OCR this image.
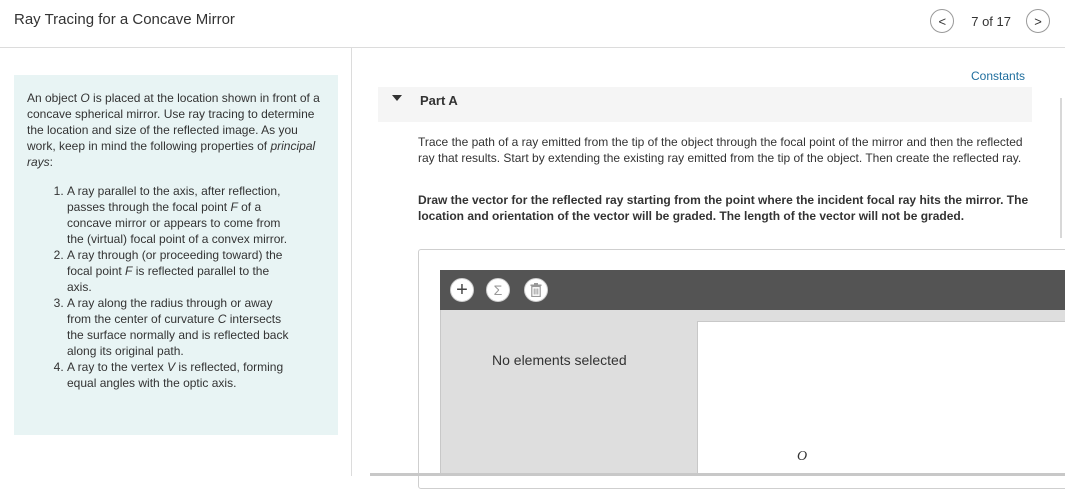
Ray Tracing for a Concave Mirror	< 7 of 17 >

An object O is placed at the location shown in front of a concave spherical mirror. Use ray tracing to determine the location and size of the reflected image. As you work, keep in mind the following properties of principal rays:

1. A ray parallel to the axis, after reflection, passes through the focal point F of a concave mirror or appears to come from the (virtual) focal point of a convex mirror.
2. A ray through (or proceeding toward) the focal point F is reflected parallel to the axis.
3. A ray along the radius through or away from the center of curvature C intersects the surface normally and is reflected back along its original path.
4. A ray to the vertex V is reflected, forming equal angles with the optic axis.
Constants
Part A
Trace the path of a ray emitted from the tip of the object through the focal point of the mirror and then the reflected ray that results. Start by extending the existing ray emitted from the tip of the object. Then create the reflected ray.
Draw the vector for the reflected ray starting from the point where the incident focal ray hits the mirror. The location and orientation of the vector will be graded. The length of the vector will not be graded.
+ Σ
No elements selected
O
